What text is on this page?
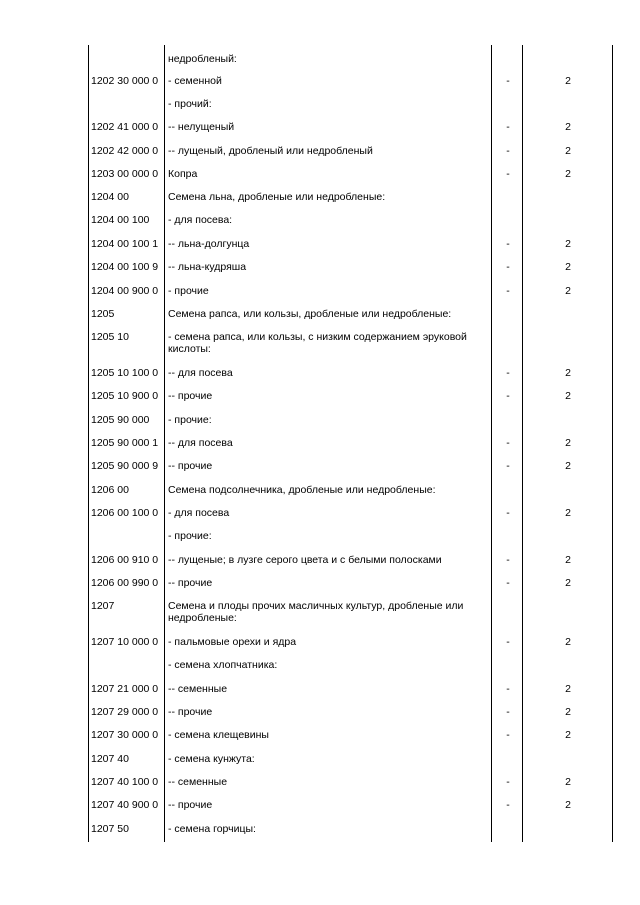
недробленый:
1202 30 000 0 - семенной	-	2
- прочий:
1202 41 000 0 -- нелущеный	-	2
1202 42 000 0 -- лущеный, дробленый или недробленый	-	2
1203 00 000 0 Копра	-	2
1204 00	Семена льна, дробленые или недробленые:
1204 00 100	- для посева:
1204 00 100 1 -- льна-долгунца	-	2
1204 00 100 9 -- льна-кудряша	-	2
1204 00 900 0 - прочие	-	2
1205	Семена рапса, или кользы, дробленые или недробленые:
1205 10	- семена рапса, или кользы, с низким содержанием эруковой кислоты:
1205 10 100 0 -- для посева	-	2
1205 10 900 0 -- прочие	-	2
1205 90 000	- прочие:
1205 90 000 1 -- для посева	-	2
1205 90 000 9 -- прочие	-	2
1206 00	Семена подсолнечника, дробленые или недробленые:
1206 00 100 0 - для посева	-	2
- прочие:
1206 00 910 0 -- лущеные; в лузге серого цвета и с белыми полосками	-	2
1206 00 990 0 -- прочие	-	2
1207	Семена и плоды прочих масличных культур, дробленые или недробленые:
1207 10 000 0 - пальмовые орехи и ядра	-	2
- семена хлопчатника:
1207 21 000 0 -- семенные	-	2
1207 29 000 0 -- прочие	-	2
1207 30 000 0 - семена клещевины	-	2
1207 40	- семена кунжута:
1207 40 100 0 -- семенные	-	2
1207 40 900 0 -- прочие	-	2
1207 50	- семена горчицы:
